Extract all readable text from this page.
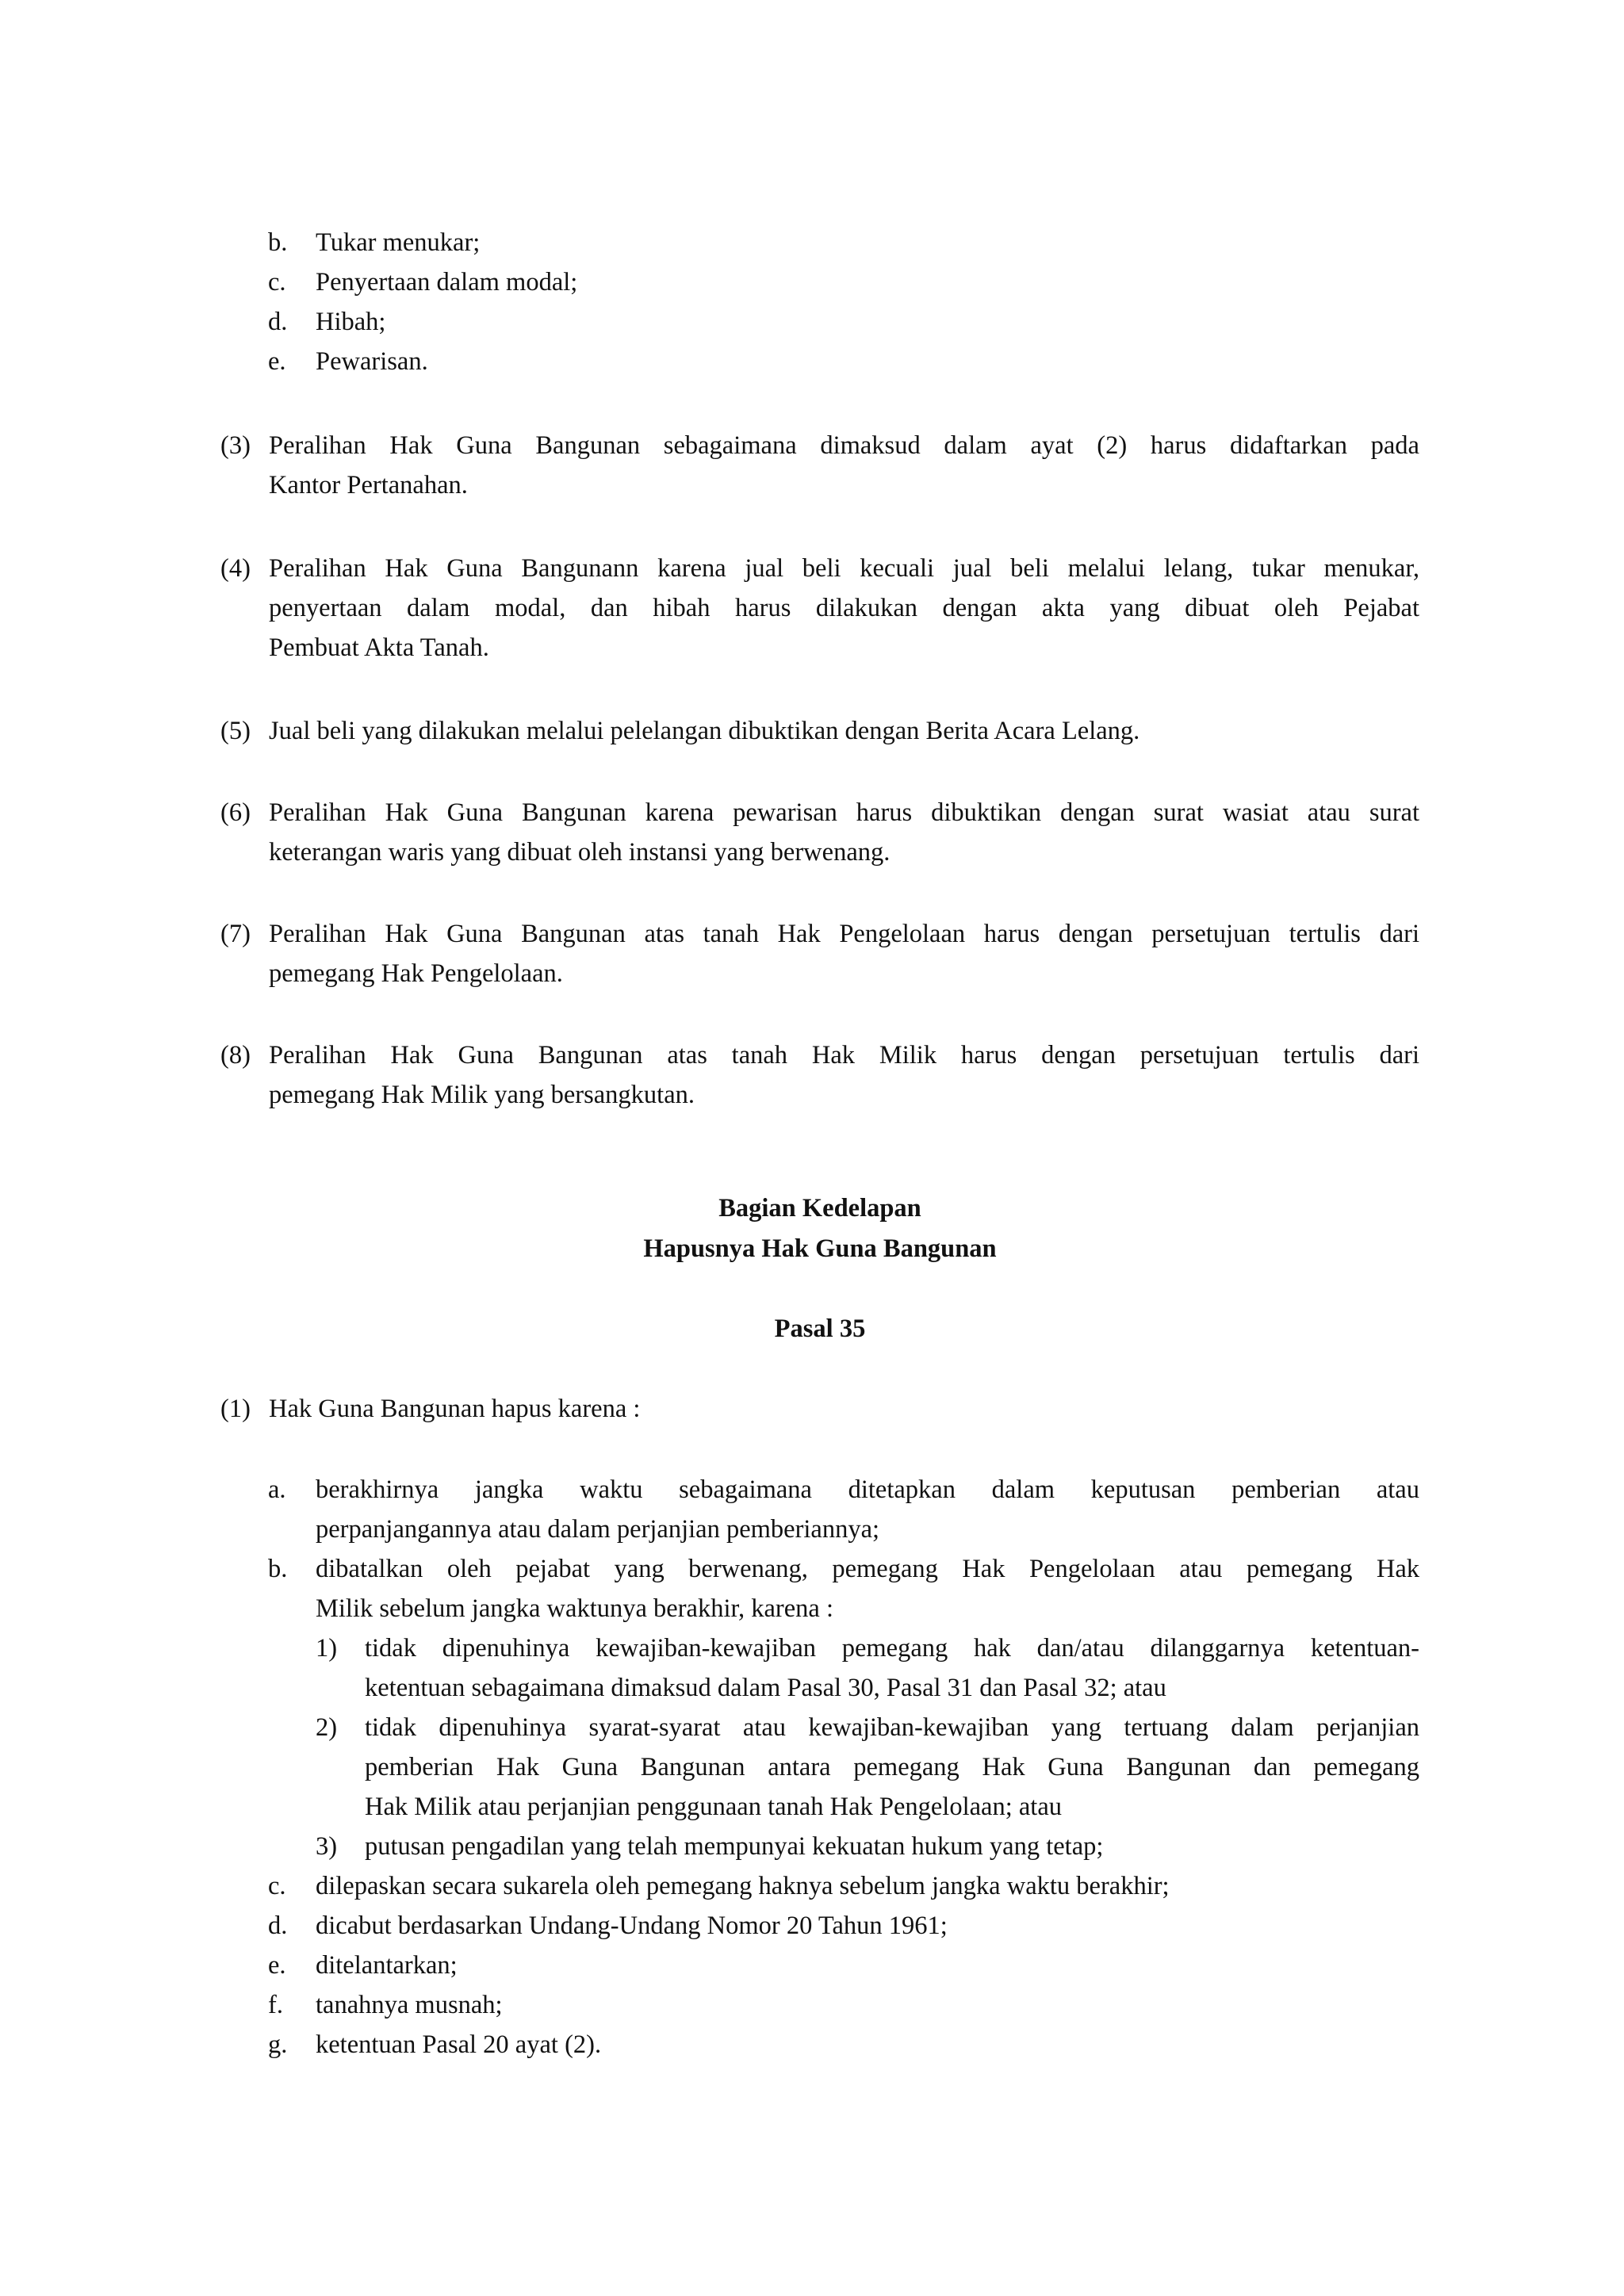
b.	Tukar menukar;
c.	Penyertaan dalam modal;
d.	Hibah;
e.	Pewarisan.
(3) Peralihan Hak Guna Bangunan sebagaimana dimaksud dalam ayat (2) harus didaftarkan pada
Kantor Pertanahan.
(4) Peralihan Hak Guna Bangunann karena jual beli kecuali jual beli melalui lelang, tukar menukar,
penyertaan dalam modal, dan hibah harus dilakukan dengan akta yang dibuat oleh Pejabat
Pembuat Akta Tanah.
(5) Jual beli yang dilakukan melalui pelelangan dibuktikan dengan Berita Acara Lelang.
(6) Peralihan Hak Guna Bangunan karena pewarisan harus dibuktikan dengan surat wasiat atau surat
keterangan waris yang dibuat oleh instansi yang berwenang.
(7) Peralihan Hak Guna Bangunan atas tanah Hak Pengelolaan harus dengan persetujuan tertulis dari
pemegang Hak Pengelolaan.
(8) Peralihan Hak Guna Bangunan atas tanah Hak Milik harus dengan persetujuan tertulis dari
pemegang Hak Milik yang bersangkutan.
Bagian Kedelapan
Hapusnya Hak Guna Bangunan
Pasal 35
(1) Hak Guna Bangunan hapus karena :
a.	berakhirnya jangka waktu sebagaimana ditetapkan dalam keputusan pemberian atau
perpanjangannya atau dalam perjanjian pemberiannya;
b.	dibatalkan oleh pejabat yang berwenang, pemegang Hak Pengelolaan atau pemegang Hak
Milik sebelum jangka waktunya berakhir, karena :
1)	tidak dipenuhinya kewajiban-kewajiban pemegang hak dan/atau dilanggarnya ketentuan-
ketentuan sebagaimana dimaksud dalam Pasal 30, Pasal 31 dan Pasal 32; atau
2)	tidak dipenuhinya syarat-syarat atau kewajiban-kewajiban yang tertuang dalam perjanjian
pemberian Hak Guna Bangunan antara pemegang Hak Guna Bangunan dan pemegang
Hak Milik atau perjanjian penggunaan tanah Hak Pengelolaan; atau
3)	putusan pengadilan yang telah mempunyai kekuatan hukum yang tetap;
c.	dilepaskan secara sukarela oleh pemegang haknya sebelum jangka waktu berakhir;
d.	dicabut berdasarkan Undang-Undang Nomor 20 Tahun 1961;
e.	ditelantarkan;
f.	tanahnya musnah;
g.	ketentuan Pasal 20 ayat (2).
